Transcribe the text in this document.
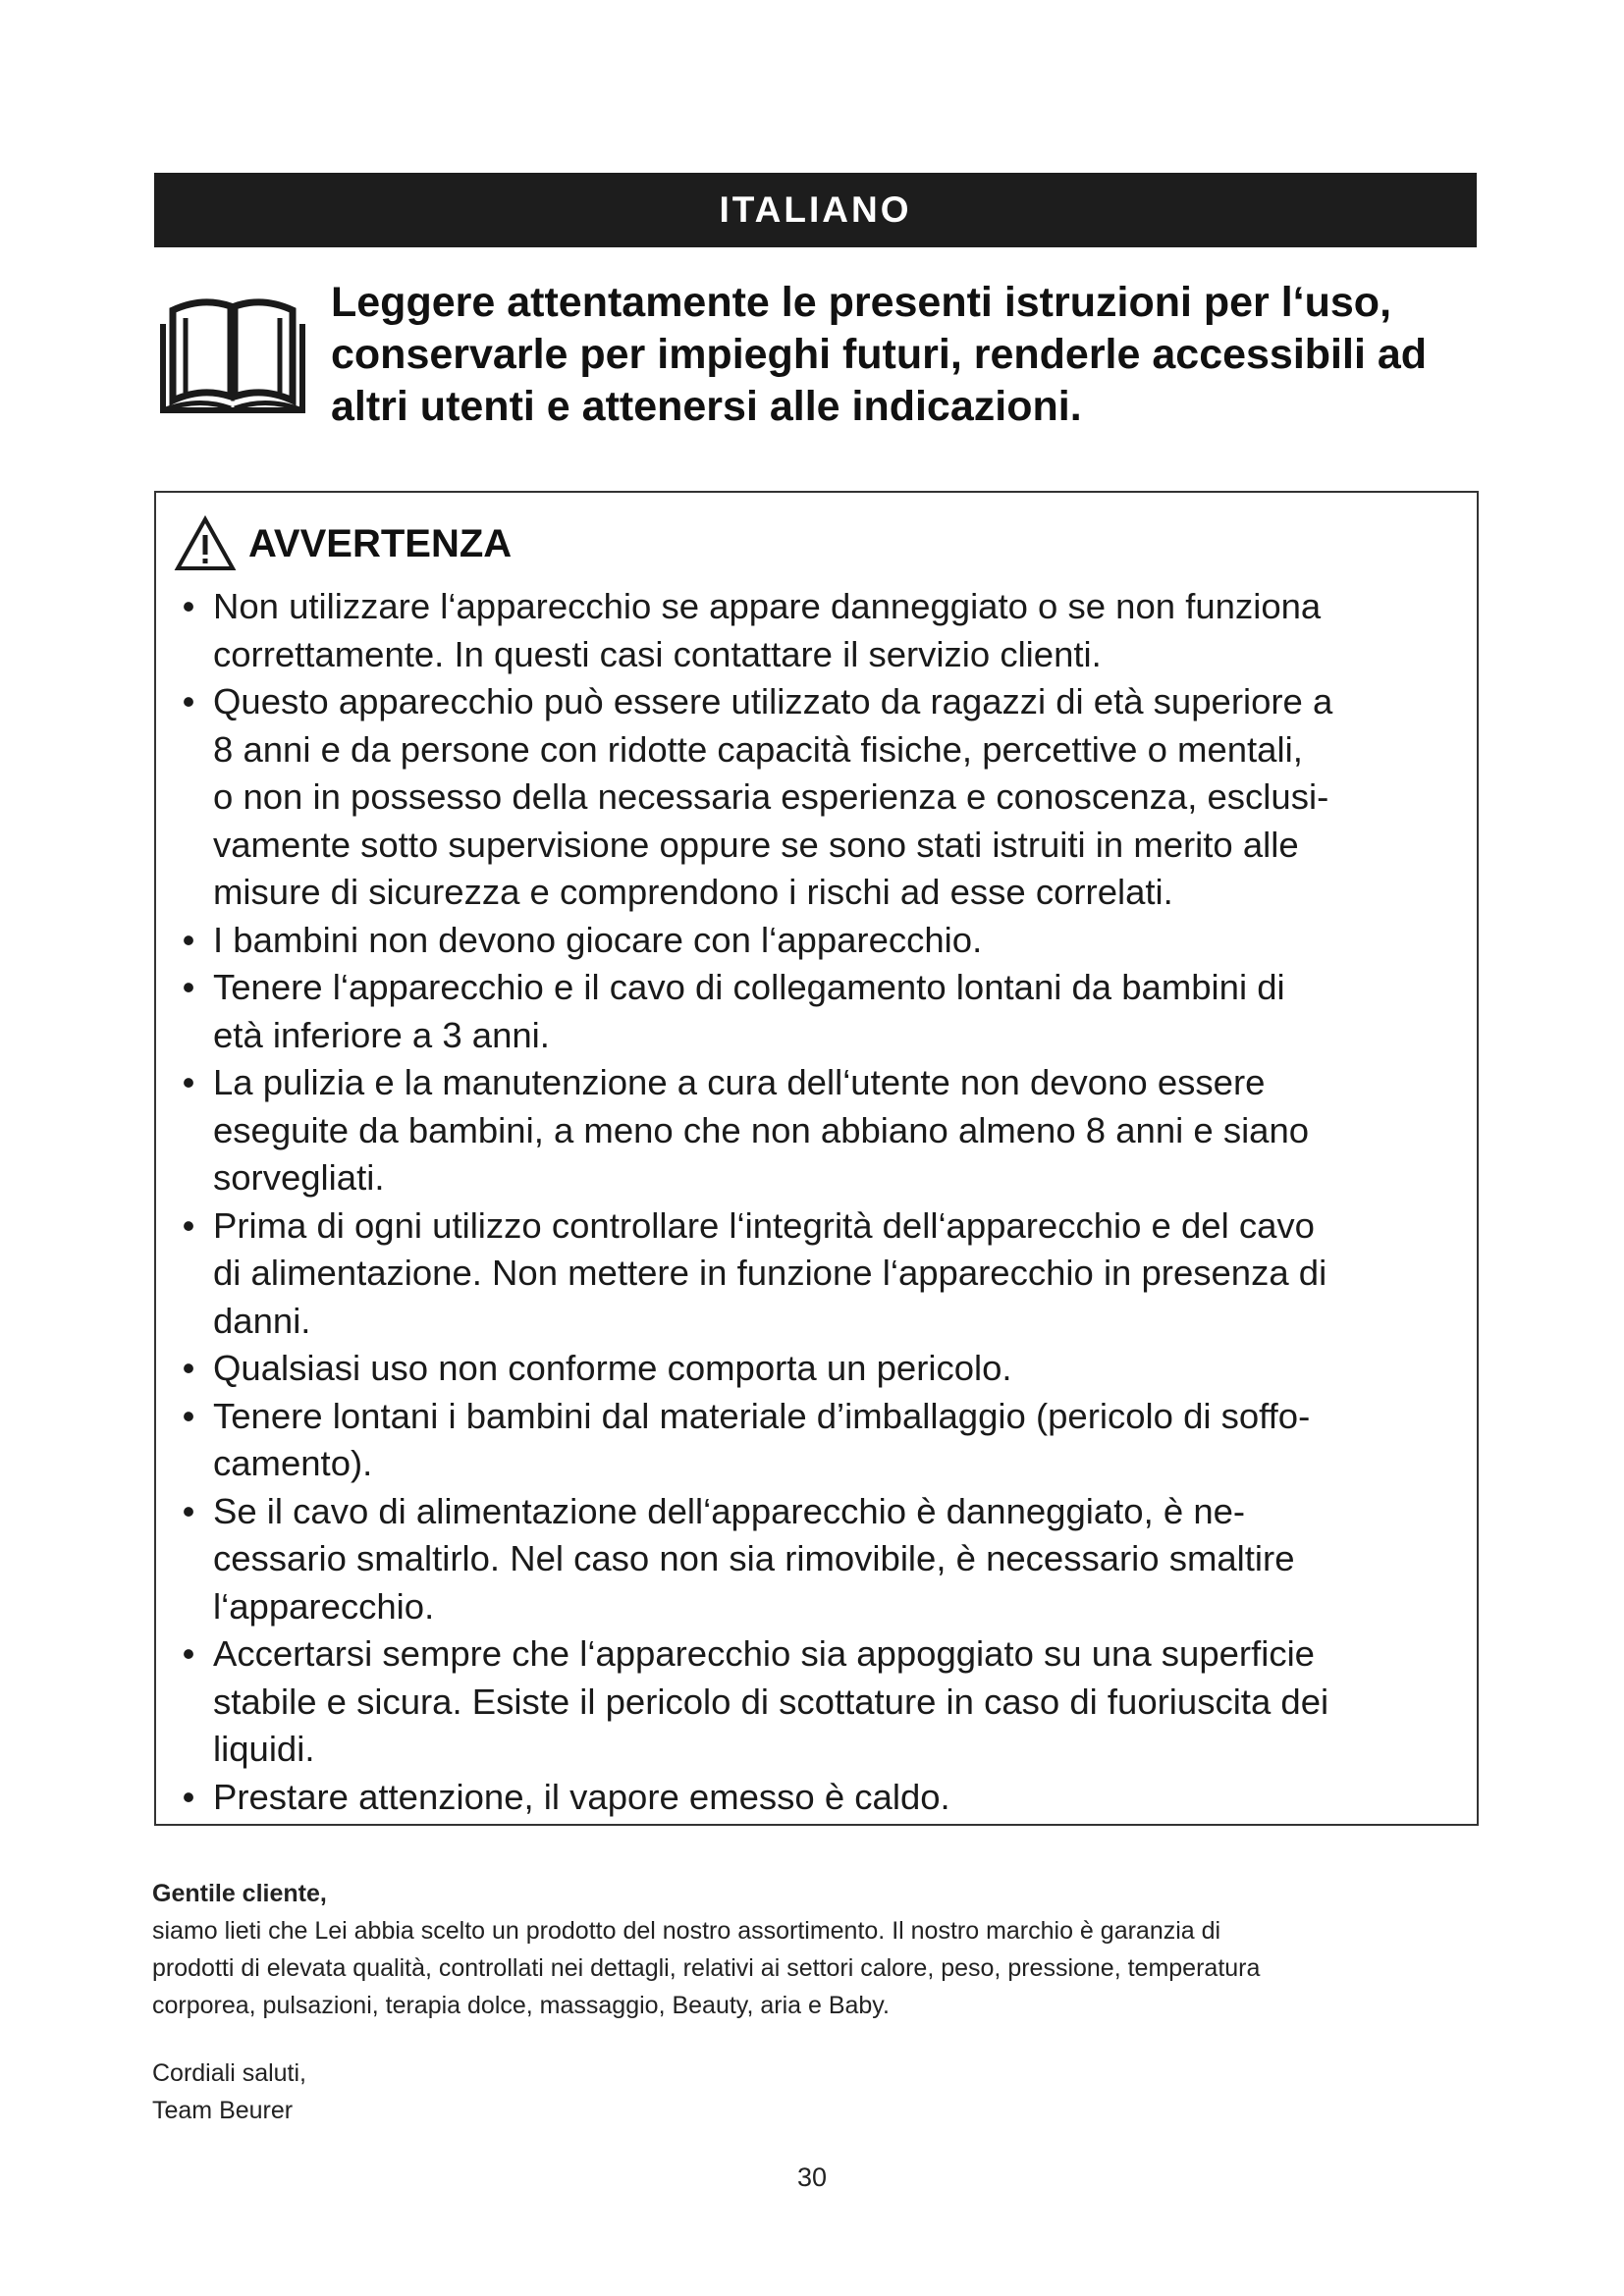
ITALIANO
Leggere attentamente le presenti istruzioni per l‘uso,
conservarle per impieghi futuri, renderle accessibili ad
altri utenti e attenersi alle indicazioni.
AVVERTENZA
• Non utilizzare l‘apparecchio se appare danneggiato o se non funziona
correttamente. In questi casi contattare il servizio clienti.
• Questo apparecchio può essere utilizzato da ragazzi di età superiore a
8 anni e da persone con ridotte capacità fisiche, percettive o mentali,
o non in possesso della necessaria esperienza e conoscenza, esclusi-
vamente sotto supervisione oppure se sono stati istruiti in merito alle
misure di sicurezza e comprendono i rischi ad esse correlati.
• I bambini non devono giocare con l‘apparecchio.
• Tenere l‘apparecchio e il cavo di collegamento lontani da bambini di
età inferiore a 3 anni.
• La pulizia e la manutenzione a cura dell‘utente non devono essere
eseguite da bambini, a meno che non abbiano almeno 8 anni e siano
sorvegliati.
• Prima di ogni utilizzo controllare l‘integrità dell‘apparecchio e del cavo
di alimentazione. Non mettere in funzione l‘apparecchio in presenza di
danni.
• Qualsiasi uso non conforme comporta un pericolo.
• Tenere lontani i bambini dal materiale d’imballaggio (pericolo di soffo-
camento).
• Se il cavo di alimentazione dell‘apparecchio è danneggiato, è ne-
cessario smaltirlo. Nel caso non sia rimovibile, è necessario smaltire
l‘apparecchio.
• Accertarsi sempre che l‘apparecchio sia appoggiato su una superficie
stabile e sicura. Esiste il pericolo di scottature in caso di fuoriuscita dei
liquidi.
• Prestare attenzione, il vapore emesso è caldo.
Gentile cliente,
siamo lieti che Lei abbia scelto un prodotto del nostro assortimento. Il nostro marchio è garanzia di
prodotti di elevata qualità, controllati nei dettagli, relativi ai settori calore, peso, pressione, temperatura
corporea, pulsazioni, terapia dolce, massaggio, Beauty, aria e Baby.
Cordiali saluti,
Team Beurer
30
